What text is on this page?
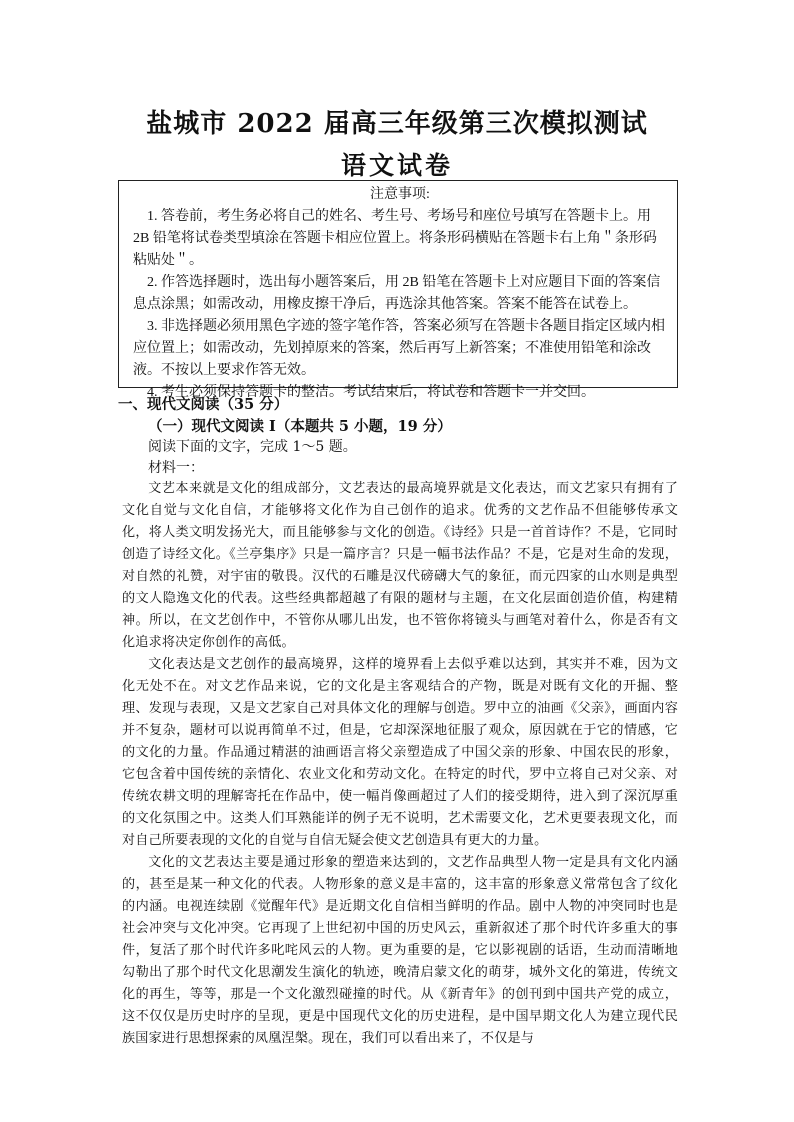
盐城市 2022 届高三年级第三次模拟测试
语文试卷
注意事项:

1. 答卷前，考生务必将自己的姓名、考生号、考场号和座位号填写在答题卡上。用 2B 铅笔将试卷类型填涂在答题卡相应位置上。将条形码横贴在答题卡右上角＂条形码粘贴处＂。

2. 作答选择题时，选出每小题答案后，用 2B 铅笔在答题卡上对应题目下面的答案信息点涂黑；如需改动，用橡皮擦干净后，再选涂其他答案。答案不能答在试卷上。

3. 非选择题必须用黑色字迹的签字笔作答，答案必须写在答题卡各题目指定区域内相应位置上；如需改动，先划掉原来的答案，然后再写上新答案；不准使用铅笔和涂改液。不按以上要求作答无效。

4. 考生必须保持答题卡的整洁。考试结束后，将试卷和答题卡一并交回。

一、现代文阅读（35 分）
（一）现代文阅读 I（本题共 5 小题，19 分）
阅读下面的文字，完成 1～5 题。
材料一：

文艺本来就是文化的组成部分，文艺表达的最高境界就是文化表达，而文艺家只有拥有了文化自觉与文化自信，才能够将文化作为自己创作的追求。优秀的文艺作品不但能够传承文化，将人类文明发扬光大，而且能够参与文化的创造。《诗经》只是一首首诗作？不是，它同时创造了诗经文化。《兰亭集序》只是一篇序言？只是一幅书法作品？不是，它是对生命的发现，对自然的礼赞，对宇宙的敬畏。汉代的石雕是汉代磅礴大气的象征，而元四家的山水则是典型的文人隐逸文化的代表。这些经典都超越了有限的题材与主题，在文化层面创造价值，构建精神。所以，在文艺创作中，不管你从哪儿出发，也不管你将镜头与画笔对着什么，你是否有文化追求将决定你创作的高低。

文化表达是文艺创作的最高境界，这样的境界看上去似乎难以达到，其实并不难，因为文化无处不在。对文艺作品来说，它的文化是主客观结合的产物，既是对既有文化的开掘、整理、发现与表现，又是文艺家自己对具体文化的理解与创造。罗中立的油画《父亲》，画面内容并不复杂，题材可以说再简单不过，但是，它却深深地征服了观众，原因就在于它的情感，它的文化的力量。作品通过精湛的油画语言将父亲塑造成了中国父亲的形象、中国农民的形象，它包含着中国传统的亲情化、农业文化和劳动文化。在特定的时代，罗中立将自己对父亲、对传统农耕文明的理解寄托在作品中，使一幅肖像画超过了人们的接受期待，进入到了深沉厚重的文化氛围之中。这类人们耳熟能详的例子无不说明，艺术需要文化，艺术更要表现文化，而对自己所要表现的文化的自觉与自信无疑会使文艺创造具有更大的力量。

文化的文艺表达主要是通过形象的塑造来达到的，文艺作品典型人物一定是具有文化内涵的，甚至是某一种文化的代表。人物形象的意义是丰富的，这丰富的形象意义常常包含了纹化的内涵。电视连续剧《觉醒年代》是近期文化自信相当鲜明的作品。剧中人物的冲突同时也是社会冲突与文化冲突。它再现了上世纪初中国的历史风云，重新叙述了那个时代许多重大的事件，复活了那个时代许多叱咤风云的人物。更为重要的是，它以影视剧的话语，生动而清晰地勾勒出了那个时代文化思潮发生演化的轨迹，晚清启蒙文化的萌芽，城外文化的第进，传统文化的再生，等等，那是一个文化激烈碰撞的时代。从《新青年》的创刊到中国共产党的成立，这不仅仅是历史时序的呈现，更是中国现代文化的历史进程，是中国早期文化人为建立现代民族国家进行思想探索的凤凰涅槃。现在，我们可以看出来了，不仅是与
